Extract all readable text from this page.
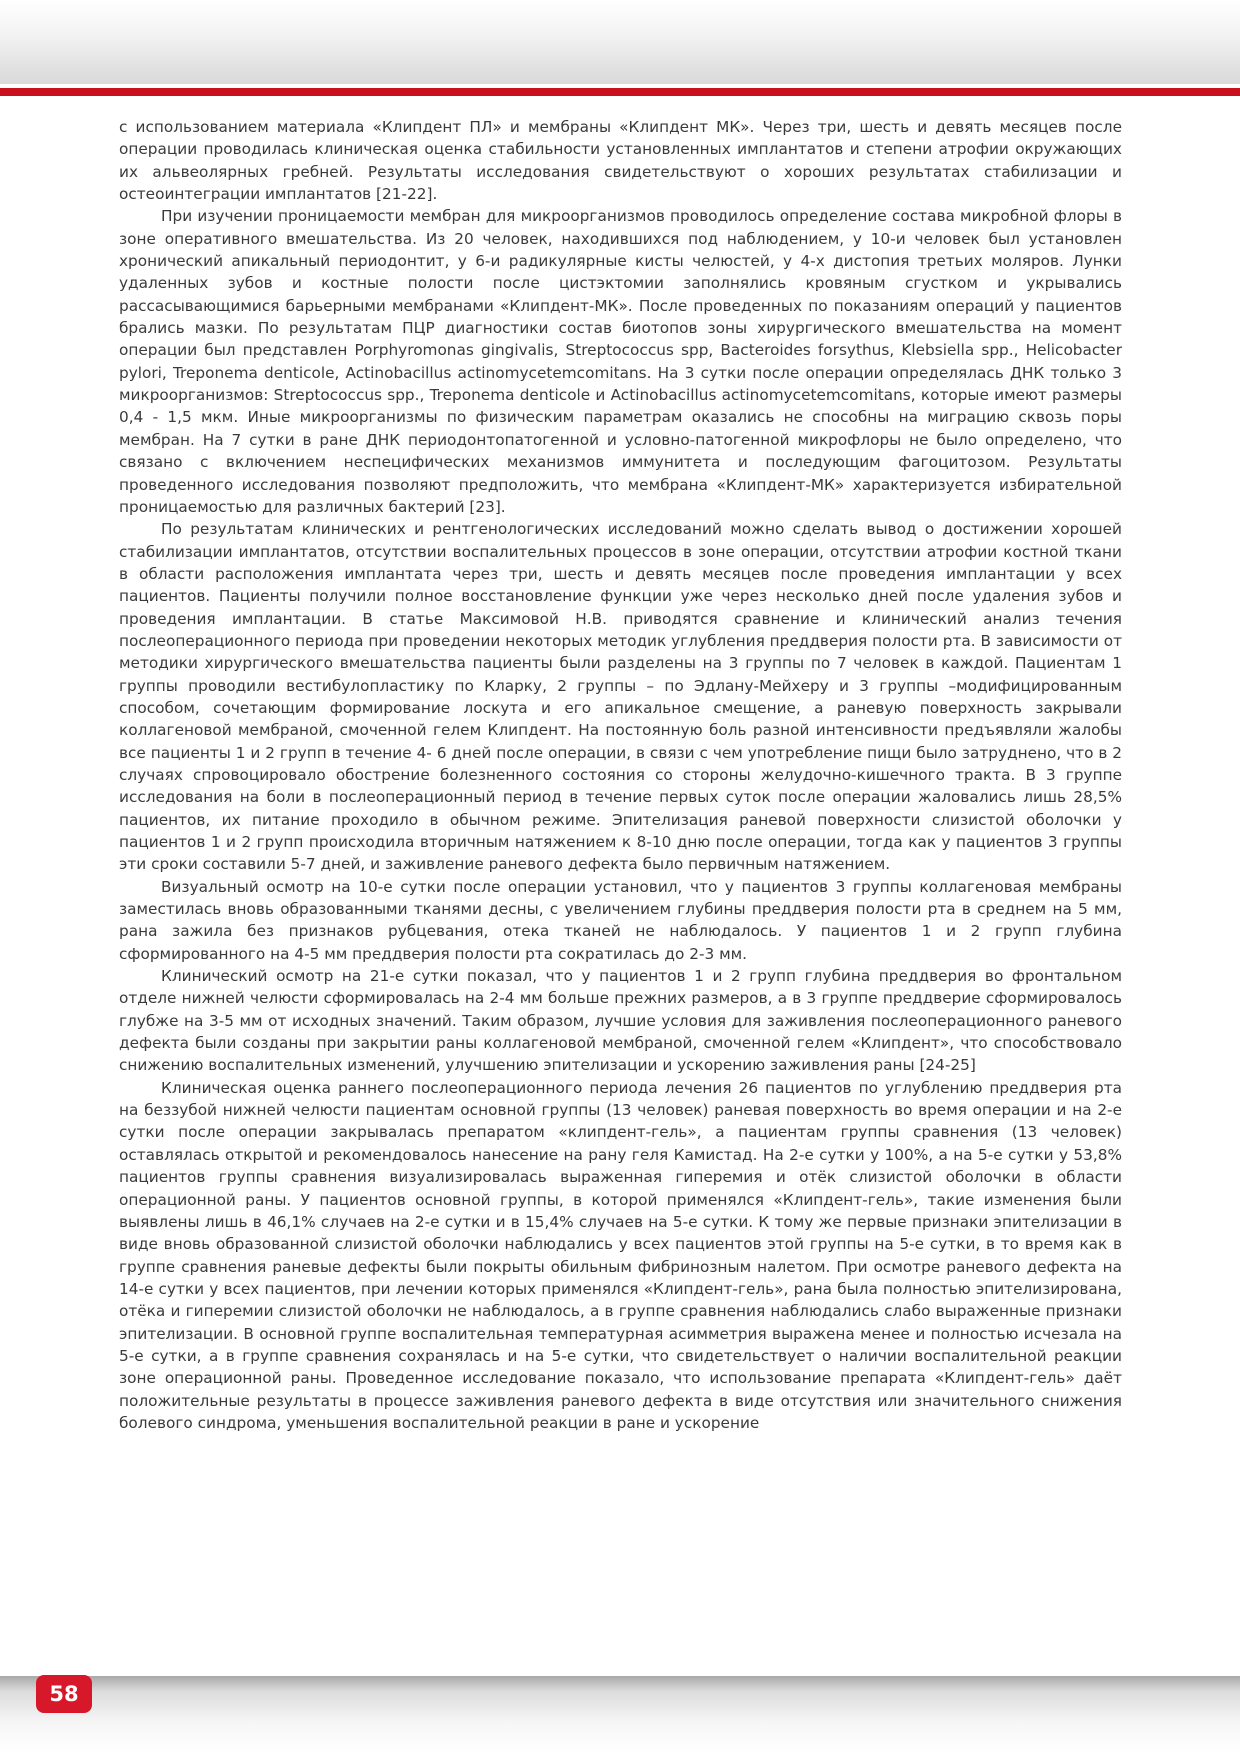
с использованием материала «Клипдент ПЛ» и мембраны «Клипдент МК». Через три, шесть и девять месяцев после операции проводилась клиническая оценка стабильности установленных имплантатов и степени атрофии окружающих их альвеолярных гребней. Результаты исследования свидетельствуют о хороших результатах стабилизации и остеоинтеграции имплантатов [21-22].

При изучении проницаемости мембран для микроорганизмов проводилось определение состава микробной флоры в зоне оперативного вмешательства. Из 20 человек, находившихся под наблюдением, у 10-и человек был установлен хронический апикальный периодонтит, у 6-и радикулярные кисты челюстей, у 4-х дистопия третьих моляров. Лунки удаленных зубов и костные полости после цистэктомии заполнялись кровяным сгустком и укрывались рассасывающимися барьерными мембранами «Клипдент-МК». После проведенных по показаниям операций у пациентов брались мазки. По результатам ПЦР диагностики состав биотопов зоны хирургического вмешательства на момент операции был представлен Porphyromonas gingivalis, Streptococcus spp, Bacteroides forsythus, Klebsiella spp., Helicobacter pylori, Treponema denticole, Actinobacillus actinomycetemcomitans. На 3 сутки после операции определялась ДНК только 3 микроорганизмов: Streptococcus spp., Treponema denticole и Actinobacillus actinomycetemcomitans, которые имеют размеры 0,4 - 1,5 мкм. Иные микроорганизмы по физическим параметрам оказались не способны на миграцию сквозь поры мембран. На 7 сутки в ране ДНК периодонтопатогенной и условно-патогенной микрофлоры не было определено, что связано с включением неспецифических механизмов иммунитета и последующим фагоцитозом. Результаты проведенного исследования позволяют предположить, что мембрана «Клипдент-МК» характеризуется избирательной проницаемостью для различных бактерий [23].

По результатам клинических и рентгенологических исследований можно сделать вывод о достижении хорошей стабилизации имплантатов, отсутствии воспалительных процессов в зоне операции, отсутствии атрофии костной ткани в области расположения имплантата через три, шесть и девять месяцев после проведения имплантации у всех пациентов. Пациенты получили полное восстановление функции уже через несколько дней после удаления зубов и проведения имплантации. В статье Максимовой Н.В. приводятся сравнение и клинический анализ течения послеоперационного периода при проведении некоторых методик углубления преддверия полости рта. В зависимости от методики хирургического вмешательства пациенты были разделены на 3 группы по 7 человек в каждой. Пациентам 1 группы проводили вестибулопластику по Кларку, 2 группы – по Эдлану-Мейхеру и 3 группы –модифицированным способом, сочетающим формирование лоскута и его апикальное смещение, а раневую поверхность закрывали коллагеновой мембраной, смоченной гелем Клипдент. На постоянную боль разной интенсивности предъявляли жалобы все пациенты 1 и 2 групп в течение 4- 6 дней после операции, в связи с чем употребление пищи было затруднено, что в 2 случаях спровоцировало обострение болезненного состояния со стороны желудочно-кишечного тракта. В 3 группе исследования на боли в послеоперационный период в течение первых суток после операции жаловались лишь 28,5% пациентов, их питание проходило в обычном режиме. Эпителизация раневой поверхности слизистой оболочки у пациентов 1 и 2 групп происходила вторичным натяжением к 8-10 дню после операции, тогда как у пациентов 3 группы эти сроки составили 5-7 дней, и заживление раневого дефекта было первичным натяжением.

Визуальный осмотр на 10-е сутки после операции установил, что у пациентов 3 группы коллагеновая мембраны заместилась вновь образованными тканями десны, с увеличением глубины преддверия полости рта в среднем на 5 мм, рана зажила без признаков рубцевания, отека тканей не наблюдалось. У пациентов 1 и 2 групп глубина сформированного на 4-5 мм преддверия полости рта сократилась до 2-3 мм.

Клинический осмотр на 21-е сутки показал, что у пациентов 1 и 2 групп глубина преддверия во фронтальном отделе нижней челюсти сформировалась на 2-4 мм больше прежних размеров, а в 3 группе преддверие сформировалось глубже на 3-5 мм от исходных значений. Таким образом, лучшие условия для заживления послеоперационного раневого дефекта были созданы при закрытии раны коллагеновой мембраной, смоченной гелем «Клипдент», что способствовало снижению воспалительных изменений, улучшению эпителизации и ускорению заживления раны [24-25]

Клиническая оценка раннего послеоперационного периода лечения 26 пациентов по углублению преддверия рта на беззубой нижней челюсти пациентам основной группы (13 человек) раневая поверхность во время операции и на 2-е сутки после операции закрывалась препаратом «клипдент-гель», а пациентам группы сравнения (13 человек) оставлялась открытой и рекомендовалось нанесение на рану геля Камистад. На 2-е сутки у 100%, а на 5-е сутки у 53,8% пациентов группы сравнения визуализировалась выраженная гиперемия и отёк слизистой оболочки в области операционной раны. У пациентов основной группы, в которой применялся «Клипдент-гель», такие изменения были выявлены лишь в 46,1% случаев на 2-е сутки и в 15,4% случаев на 5-е сутки. К тому же первые признаки эпителизации в виде вновь образованной слизистой оболочки наблюдались у всех пациентов этой группы на 5-е сутки, в то время как в группе сравнения раневые дефекты были покрыты обильным фибринозным налетом. При осмотре раневого дефекта на 14-е сутки у всех пациентов, при лечении которых применялся «Клипдент-гель», рана была полностью эпителизирована, отёка и гиперемии слизистой оболочки не наблюдалось, а в группе сравнения наблюдались слабо выраженные признаки эпителизации. В основной группе воспалительная температурная асимметрия выражена менее и полностью исчезала на 5-е сутки, а в группе сравнения сохранялась и на 5-е сутки, что свидетельствует о наличии воспалительной реакции зоне операционной раны. Проведенное исследование показало, что использование препарата «Клипдент-гель» даёт положительные результаты в процессе заживления раневого дефекта в виде отсутствия или значительного снижения болевого синдрома, уменьшения воспалительной реакции в ране и ускорение

58
